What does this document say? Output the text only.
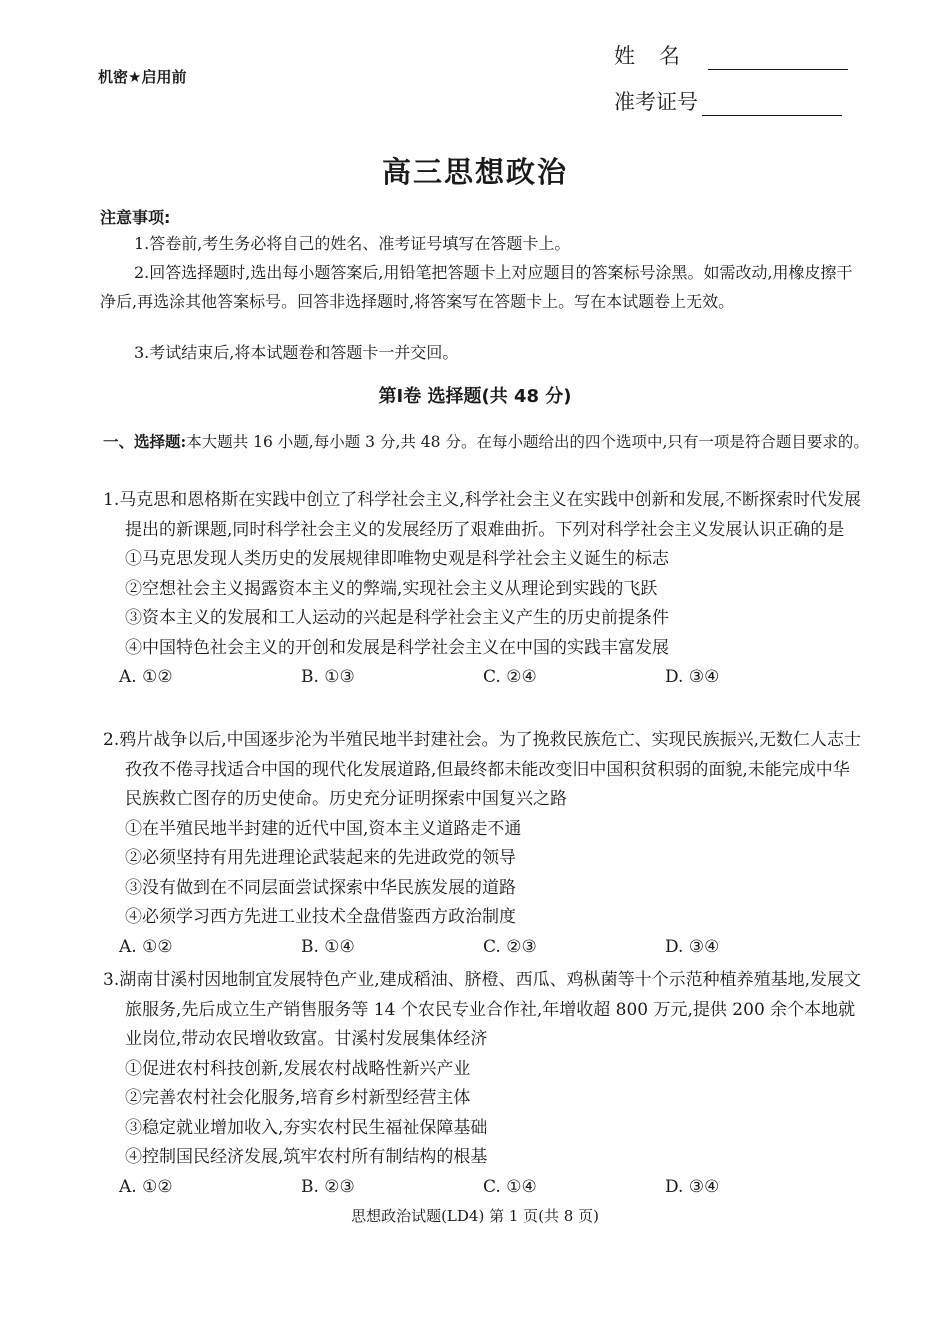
机密★启用前
姓名
准考证号
高三思想政治
注意事项:
1.答卷前,考生务必将自己的姓名、准考证号填写在答题卡上。
2.回答选择题时,选出每小题答案后,用铅笔把答题卡上对应题目的答案标号涂黑。如需改动,用橡皮擦干净后,再选涂其他答案标号。回答非选择题时,将答案写在答题卡上。写在本试题卷上无效。
3.考试结束后,将本试题卷和答题卡一并交回。
第Ⅰ卷 选择题(共 48 分)
一、选择题:本大题共 16 小题,每小题 3 分,共 48 分。在每小题给出的四个选项中,只有一项是符合题目要求的。

1.马克思和恩格斯在实践中创立了科学社会主义,科学社会主义在实践中创新和发展,不断探索时代发展提出的新课题,同时科学社会主义的发展经历了艰难曲折。下列对科学社会主义发展认识正确的是

①马克思发现人类历史的发展规律即唯物史观是科学社会主义诞生的标志

②空想社会主义揭露资本主义的弊端,实现社会主义从理论到实践的飞跃

③资本主义的发展和工人运动的兴起是科学社会主义产生的历史前提条件

④中国特色社会主义的开创和发展是科学社会主义在中国的实践丰富发展

A. ①②	B. ①③	C. ②④	D. ③④

2.鸦片战争以后,中国逐步沦为半殖民地半封建社会。为了挽救民族危亡、实现民族振兴,无数仁人志士孜孜不倦寻找适合中国的现代化发展道路,但最终都未能改变旧中国积贫积弱的面貌,未能完成中华民族救亡图存的历史使命。历史充分证明探索中国复兴之路

①在半殖民地半封建的近代中国,资本主义道路走不通

②必须坚持有用先进理论武装起来的先进政党的领导

③没有做到在不同层面尝试探索中华民族发展的道路

④必须学习西方先进工业技术全盘借鉴西方政治制度

A. ①②	B. ①④	C. ②③	D. ③④

3.湖南甘溪村因地制宜发展特色产业,建成稻油、脐橙、西瓜、鸡枞菌等十个示范种植养殖基地,发展文旅服务,先后成立生产销售服务等 14 个农民专业合作社,年增收超 800 万元,提供 200 余个本地就业岗位,带动农民增收致富。甘溪村发展集体经济

①促进农村科技创新,发展农村战略性新兴产业

②完善农村社会化服务,培育乡村新型经营主体

③稳定就业增加收入,夯实农村民生福祉保障基础

④控制国民经济发展,筑牢农村所有制结构的根基

A. ①②	B. ②③	C. ①④	D. ③④
思想政治试题(LD4) 第 1 页(共 8 页)
